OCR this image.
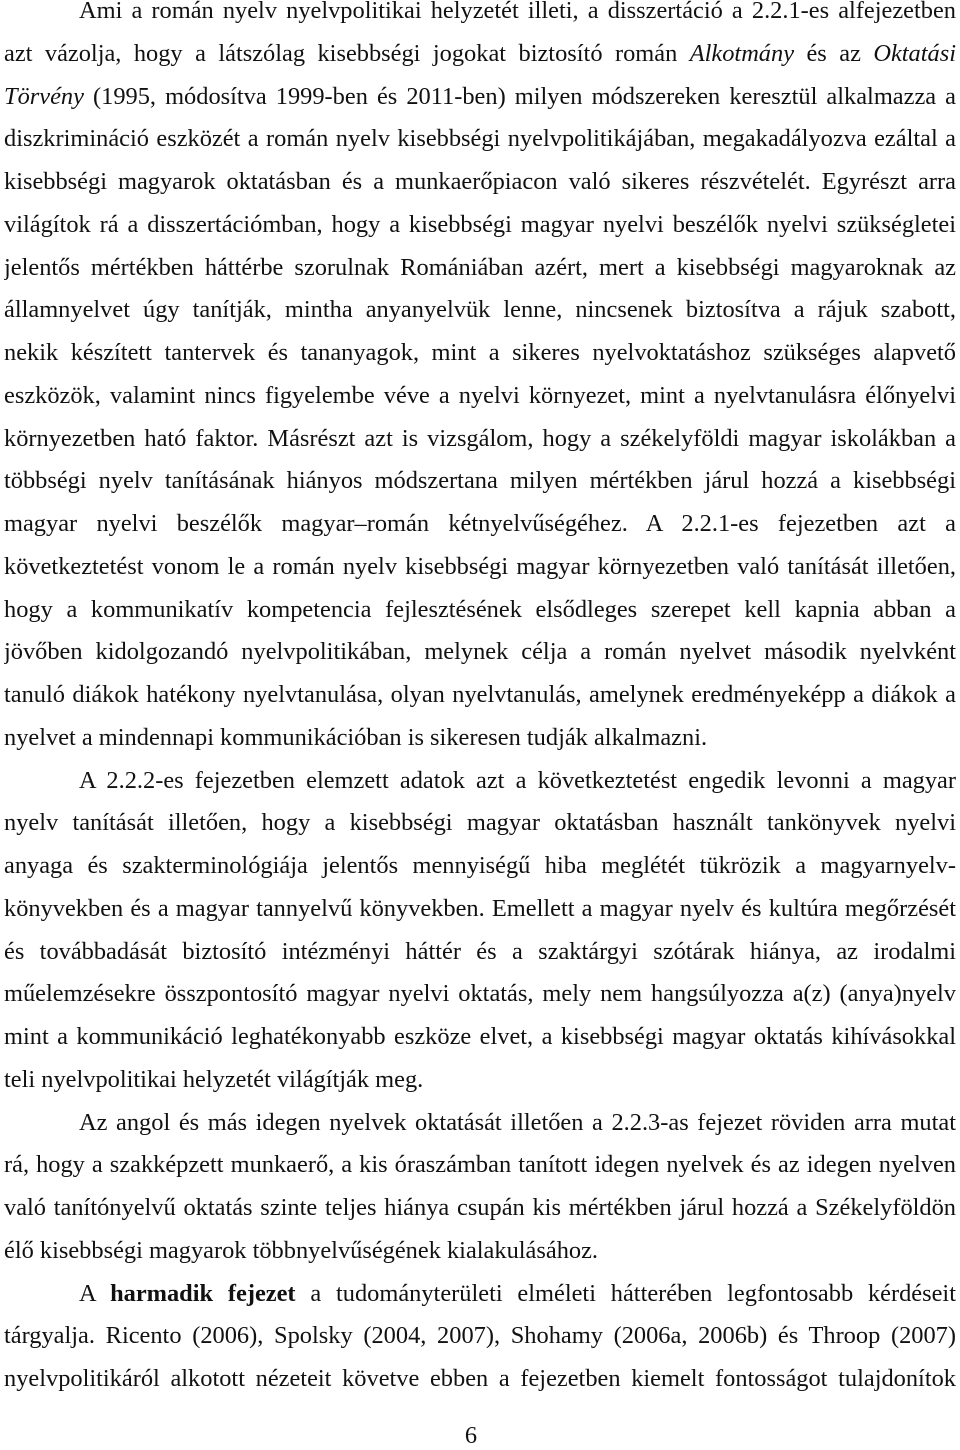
Ami a román nyelv nyelvpolitikai helyzetét illeti, a disszertáció a 2.2.1-es alfejezetben
azt vázolja, hogy a látszólag kisebbségi jogokat biztosító román Alkotmány és az Oktatási
Törvény (1995, módosítva 1999-ben és 2011-ben) milyen módszereken keresztül alkalmazza a
diszkrimináció eszközét a román nyelv kisebbségi nyelvpolitikájában, megakadályozva ezáltal a
kisebbségi magyarok oktatásban és a munkaerőpiacon való sikeres részvételét. Egyrészt arra
világítok rá a disszertációmban, hogy a kisebbségi magyar nyelvi beszélők nyelvi szükségletei
jelentős mértékben háttérbe szorulnak Romániában azért, mert a kisebbségi magyaroknak az
államnyelvet úgy tanítják, mintha anyanyelvük lenne, nincsenek biztosítva a rájuk szabott,
nekik készített tantervek és tananyagok, mint a sikeres nyelvoktatáshoz szükséges alapvető
eszközök, valamint nincs figyelembe véve a nyelvi környezet, mint a nyelvtanulásra élőnyelvi
környezetben ható faktor. Másrészt azt is vizsgálom, hogy a székelyföldi magyar iskolákban a
többségi nyelv tanításának hiányos módszertana milyen mértékben járul hozzá a kisebbségi
magyar nyelvi beszélők magyar–román kétnyelvűségéhez. A 2.2.1-es fejezetben azt a
következtetést vonom le a román nyelv kisebbségi magyar környezetben való tanítását illetően,
hogy a kommunikatív kompetencia fejlesztésének elsődleges szerepet kell kapnia abban a
jövőben kidolgozandó nyelvpolitikában, melynek célja a román nyelvet második nyelvként
tanuló diákok hatékony nyelvtanulása, olyan nyelvtanulás, amelynek eredményeképp a diákok a
nyelvet a mindennapi kommunikációban is sikeresen tudják alkalmazni.
A 2.2.2-es fejezetben elemzett adatok azt a következtetést engedik levonni a magyar
nyelv tanítását illetően, hogy a kisebbségi magyar oktatásban használt tankönyvek nyelvi
anyaga és szakterminológiája jelentős mennyiségű hiba meglétét tükrözik a magyarnyelv-
könyvekben és a magyar tannyelvű könyvekben. Emellett a magyar nyelv és kultúra megőrzését
és továbbadását biztosító intézményi háttér és a szaktárgyi szótárak hiánya, az irodalmi
műelemzésekre összpontosító magyar nyelvi oktatás, mely nem hangsúlyozza a(z) (anya)nyelv
mint a kommunikáció leghatékonyabb eszköze elvet, a kisebbségi magyar oktatás kihívásokkal
teli nyelvpolitikai helyzetét világítják meg.
Az angol és más idegen nyelvek oktatását illetően a 2.2.3-as fejezet röviden arra mutat
rá, hogy a szakképzett munkaerő, a kis óraszámban tanított idegen nyelvek és az idegen nyelven
való tanítónyelvű oktatás szinte teljes hiánya csupán kis mértékben járul hozzá a Székelyföldön
élő kisebbségi magyarok többnyelvűségének kialakulásához.
A harmadik fejezet a tudományterületi elméleti hátterében legfontosabb kérdéseit
tárgyalja. Ricento (2006), Spolsky (2004, 2007), Shohamy (2006a, 2006b) és Throop (2007)
nyelvpolitikáról alkotott nézeteit követve ebben a fejezetben kiemelt fontosságot tulajdonítok
6
